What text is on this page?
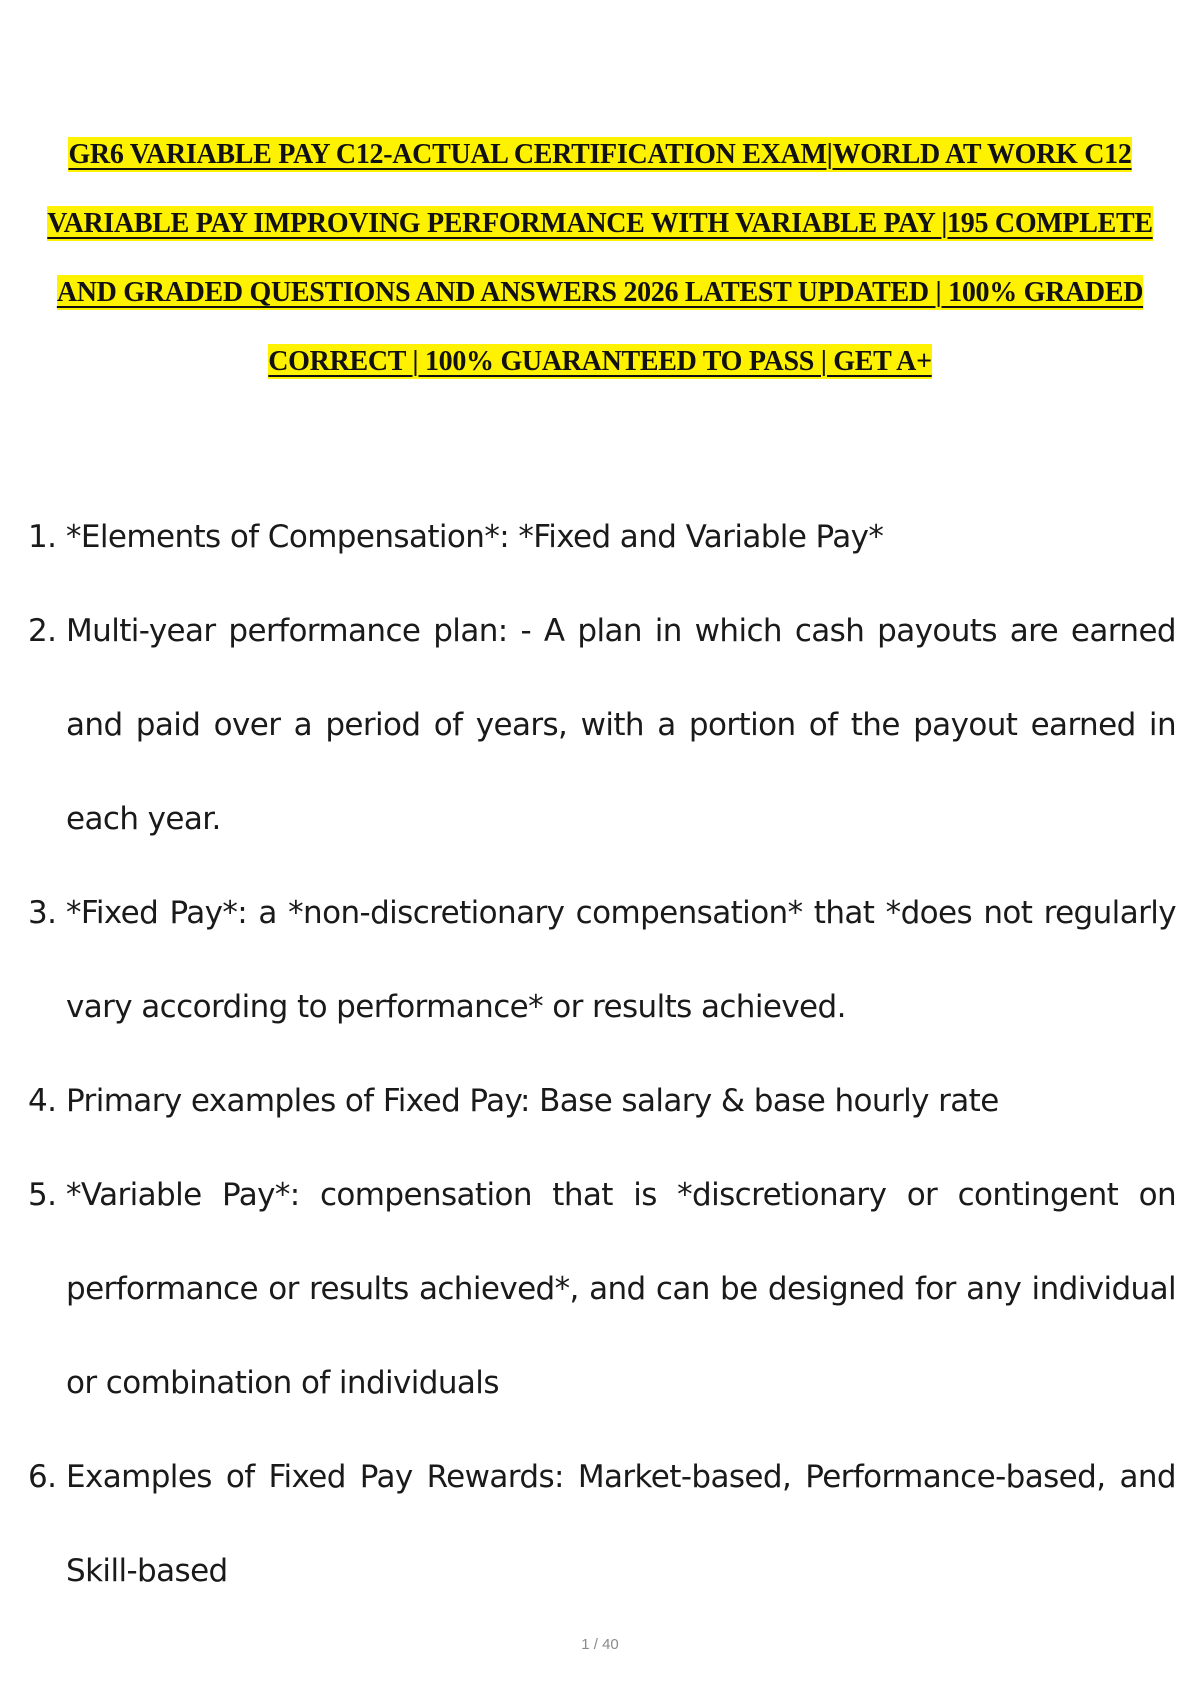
GR6 VARIABLE PAY C12-ACTUAL CERTIFICATION EXAM|WORLD AT WORK C12
VARIABLE PAY IMPROVING PERFORMANCE WITH VARIABLE PAY |195 COMPLETE
AND GRADED QUESTIONS AND ANSWERS 2026 LATEST UPDATED | 100% GRADED
CORRECT | 100% GUARANTEED TO PASS | GET A+
1. *Elements of Compensation*: *Fixed and Variable Pay*
2. Multi-year performance plan: - A plan in which cash payouts are earned and paid over a period of years, with a portion of the payout earned in each year.
3. *Fixed Pay*: a *non-discretionary compensation* that *does not regularly vary according to performance* or results achieved.
4. Primary examples of Fixed Pay: Base salary & base hourly rate
5. *Variable Pay*: compensation that is *discretionary or contingent on performance or results achieved*, and can be designed for any individual or combination of individuals
6. Examples of Fixed Pay Rewards: Market-based, Performance-based, and Skill-based
1 / 40
